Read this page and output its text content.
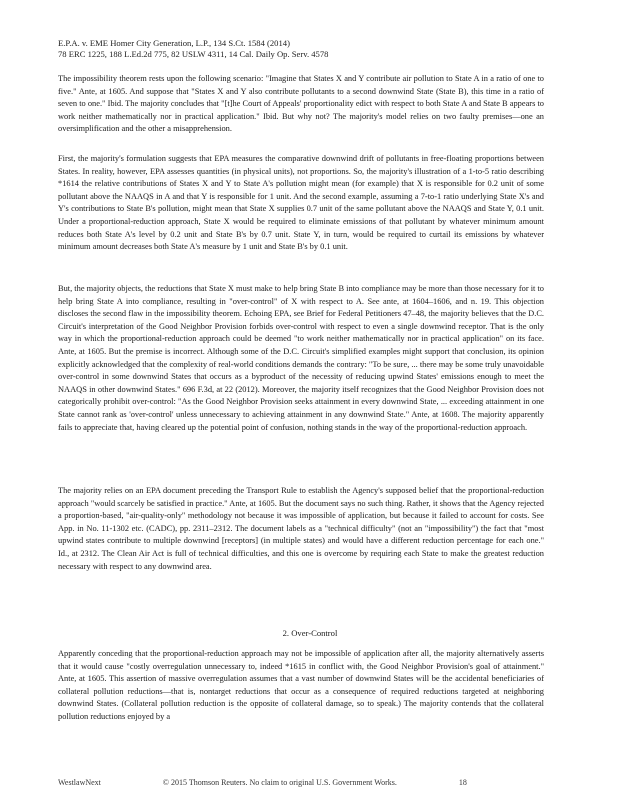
E.P.A. v. EME Homer City Generation, L.P., 134 S.Ct. 1584 (2014)
78 ERC 1225, 188 L.Ed.2d 775, 82 USLW 4311, 14 Cal. Daily Op. Serv. 4578

The impossibility theorem rests upon the following scenario: "Imagine that States X and Y contribute air pollution to State A in a ratio of one to five." Ante, at 1605. And suppose that "States X and Y also contribute pollutants to a second downwind State (State B), this time in a ratio of seven to one." Ibid. The majority concludes that "[t]he Court of Appeals' proportionality edict with respect to both State A and State B appears to work neither mathematically nor in practical application." Ibid. But why not? The majority's model relies on two faulty premises—one an oversimplification and the other a misapprehension.

First, the majority's formulation suggests that EPA measures the comparative downwind drift of pollutants in free-floating proportions between States. In reality, however, EPA assesses quantities (in physical units), not proportions. So, the majority's illustration of a 1-to-5 ratio describing *1614 the relative contributions of States X and Y to State A's pollution might mean (for example) that X is responsible for 0.2 unit of some pollutant above the NAAQS in A and that Y is responsible for 1 unit. And the second example, assuming a 7-to-1 ratio underlying State X's and Y's contributions to State B's pollution, might mean that State X supplies 0.7 unit of the same pollutant above the NAAQS and State Y, 0.1 unit. Under a proportional-reduction approach, State X would be required to eliminate emissions of that pollutant by whatever minimum amount reduces both State A's level by 0.2 unit and State B's by 0.7 unit. State Y, in turn, would be required to curtail its emissions by whatever minimum amount decreases both State A's measure by 1 unit and State B's by 0.1 unit.

But, the majority objects, the reductions that State X must make to help bring State B into compliance may be more than those necessary for it to help bring State A into compliance, resulting in "over-control" of X with respect to A. See ante, at 1604–1606, and n. 19. This objection discloses the second flaw in the impossibility theorem. Echoing EPA, see Brief for Federal Petitioners 47–48, the majority believes that the D.C. Circuit's interpretation of the Good Neighbor Provision forbids over-control with respect to even a single downwind receptor. That is the only way in which the proportional-reduction approach could be deemed "to work neither mathematically nor in practical application" on its face. Ante, at 1605. But the premise is incorrect. Although some of the D.C. Circuit's simplified examples might support that conclusion, its opinion explicitly acknowledged that the complexity of real-world conditions demands the contrary: "To be sure, ... there may be some truly unavoidable over-control in some downwind States that occurs as a byproduct of the necessity of reducing upwind States' emissions enough to meet the NAAQS in other downwind States." 696 F.3d, at 22 (2012). Moreover, the majority itself recognizes that the Good Neighbor Provision does not categorically prohibit over-control: "As the Good Neighbor Provision seeks attainment in every downwind State, ... exceeding attainment in one State cannot rank as 'over-control' unless unnecessary to achieving attainment in any downwind State." Ante, at 1608. The majority apparently fails to appreciate that, having cleared up the potential point of confusion, nothing stands in the way of the proportional-reduction approach.

The majority relies on an EPA document preceding the Transport Rule to establish the Agency's supposed belief that the proportional-reduction approach "would scarcely be satisfied in practice." Ante, at 1605. But the document says no such thing. Rather, it shows that the Agency rejected a proportion-based, "air-quality-only" methodology not because it was impossible of application, but because it failed to account for costs. See App. in No. 11-1302 etc. (CADC), pp. 2311–2312. The document labels as a "technical difficulty" (not an "impossibility") the fact that "most upwind states contribute to multiple downwind [receptors] (in multiple states) and would have a different reduction percentage for each one." Id., at 2312. The Clean Air Act is full of technical difficulties, and this one is overcome by requiring each State to make the greatest reduction necessary with respect to any downwind area.

2. Over-Control

Apparently conceding that the proportional-reduction approach may not be impossible of application after all, the majority alternatively asserts that it would cause "costly overregulation unnecessary to, indeed *1615 in conflict with, the Good Neighbor Provision's goal of attainment." Ante, at 1605. This assertion of massive overregulation assumes that a vast number of downwind States will be the accidental beneficiaries of collateral pollution reductions—that is, nontarget reductions that occur as a consequence of required reductions targeted at neighboring downwind States. (Collateral pollution reduction is the opposite of collateral damage, so to speak.) The majority contends that the collateral pollution reductions enjoyed by a

WestlawNext	© 2015 Thomson Reuters. No claim to original U.S. Government Works.	18
